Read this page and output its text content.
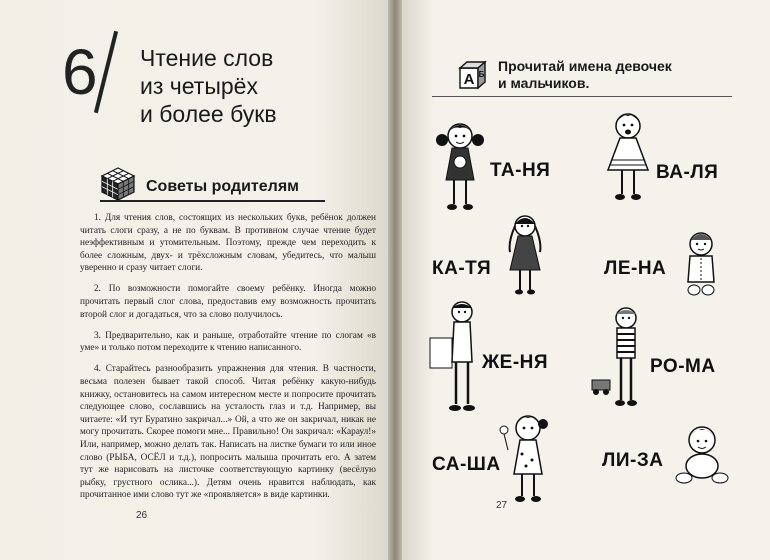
6 Чтение слов
из четырёх
и более букв
Советы родителям

1. Для чтения слов, состоящих из нескольких букв, ребёнок должен читать слоги сразу, а не по буквам. В противном случае чтение будет неэффективным и утомительным. Поэтому, прежде чем переходить к более сложным, двух- и трёхсложным словам, убедитесь, что малыш уверенно и сразу читает слоги.

2. По возможности помогайте своему ребёнку. Иногда можно прочитать первый слог слова, предоставив ему возможность прочитать второй слог и догадаться, что за слово получилось.

3. Предварительно, как и раньше, отработайте чтение по слогам «в уме» и только потом переходите к чтению написанного.

4. Старайтесь разнообразить упражнения для чтения. В частности, весьма полезен бывает такой способ. Читая ребёнку какую-нибудь книжку, остановитесь на самом интересном месте и попросите прочитать следующее слово, сославшись на усталость глаз и т.д. Например, вы читаете: «И тут Буратино закричал...» Ой, а что же он закричал, никак не могу прочитать. Скорее помоги мне... Правильно! Он закричал: «Караул!» Или, например, можно делать так. Написать на листке бумаги то или иное слово (РЫБА, ОСЁЛ и т.д.), попросить малыша прочитать его. А затем тут же нарисовать на листочке соответствующую картинку (весёлую рыбку, грустного ослика...). Детям очень нравится наблюдать, как прочитанное ими слово тут же «проявляется» в виде картинки.

26
А Б
Прочитай имена девочек
и мальчиков.
ТА-НЯ	ВА-ЛЯ
КА-ТЯ	ЛЕ-НА
ЖЕ-НЯ	РО-МА
СА-ША	ЛИ-ЗА
27
